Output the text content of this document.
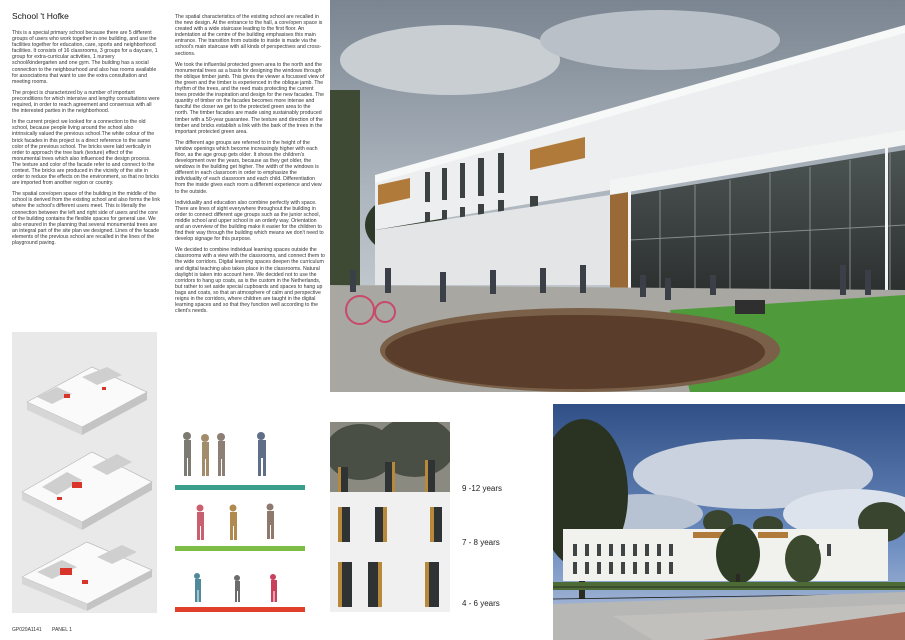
School 't Hofke

This is a special primary school because there are 5 different groups of users who work together in one building, and use the facilities together for education, care, sports and neighborhood facilities. It consists of 16 classrooms, 3 groups for a daycare, 1 group for extra-curricular activities, 1 nursery school/kindergarten and one gym. The building has a social connection to the neighbourhood and also has rooms available for associations that want to use the extra consultation and meeting rooms.

The project is characterized by a number of important preconditions for which intensive and lengthy consultations were required, in order to reach agreement and consensus with all the interested parties in the neighborhood.

In the current project we looked for a connection to the old school, because people living around the school also intrinsically valued the previous school.The white colour of the brick facades in this project is a direct reference to the same color of the previous school. The bricks were laid vertically in order to approach the tree bark (texture) effect of the monumental trees which also influenced the design process. The texture and color of the facade refer to and connect to the context. The bricks are produced in the vicinity of the site in order to reduce the effects on the environment, so that no bricks are imported from another region or country.

The spatial core/open space of the building in the middle of the school is derived from the existing school and also forms the link where the school's different users meet. This is literally the connection between the left and right side of users and the core of the building contains the flexible spaces for general use. We also ensured in the planning that several monumental trees are an integral part of the site plan we designed. Lines of the facade elements of the previous school are recalled in the lines of the playground paving.

The spatial characteristics of the existing school are recalled in the new design. At the entrance to the hall, a core/open space is created with a wide staircase leading to the first floor. An indentation at the centre of the building emphasises this main entrance. The transition from outside to inside is made via the school's main staircase with all kinds of perspectives and cross-sections.

We took the influential protected green area to the north and the monumental trees as a basis for designing the windows through the oblique timber jamb. This gives the viewer a focussed view of the green and the timber is experienced in the oblique jamb. The rhythm of the trees, and the reed mats protecting the current trees provide the inspiration and design for the new facades. The quantity of timber on the facades becomes more intense and fanciful the closer we get to the protected green area to the north. The timber facades are made using sustainably produced timber with a 50-year guarantee. The texture and direction of the timber and bricks establish a link with the bark of the trees in the important protected green area.

The different age groups are referred to in the height of the window openings which become increasingly higher with each floor, as the age group gets older. It shows the children's development over the years, because as they get older, the windows in the building get higher. The width of the windows is different in each classroom in order to emphasize the individuality of each classroom and each child. Differentiation from the inside gives each room a different experience and view to the outside.

Individuality and education also combine perfectly with space. There are lines of sight everywhere throughout the building in order to connect different age groups such as the junior school, middle school and upper school in an orderly way. Orientation and an overview of the building make it easier for the children to find their way through the building which means we don't need to develop signage for this purpose.

We decided to combine individual learning spaces outside the classrooms with a view with the classrooms, and connect them to the wide corridors. Digital learning spaces deepen the curriculum and digital teaching also takes place in the classrooms. Natural daylight is taken into account here. We decided not to use the corridors to hang up coats, as is the custom in the Netherlands, but rather to set aside special cupboards and spaces to hang up bags and coats, so that an atmosphere of calm and perspective reigns in the corridors, where children are taught in the digital learning spaces and so that they function well according to the client's needs.

9 -12 years
7 - 8 years
4 - 6 years
GP020A1141 PANEL 1
